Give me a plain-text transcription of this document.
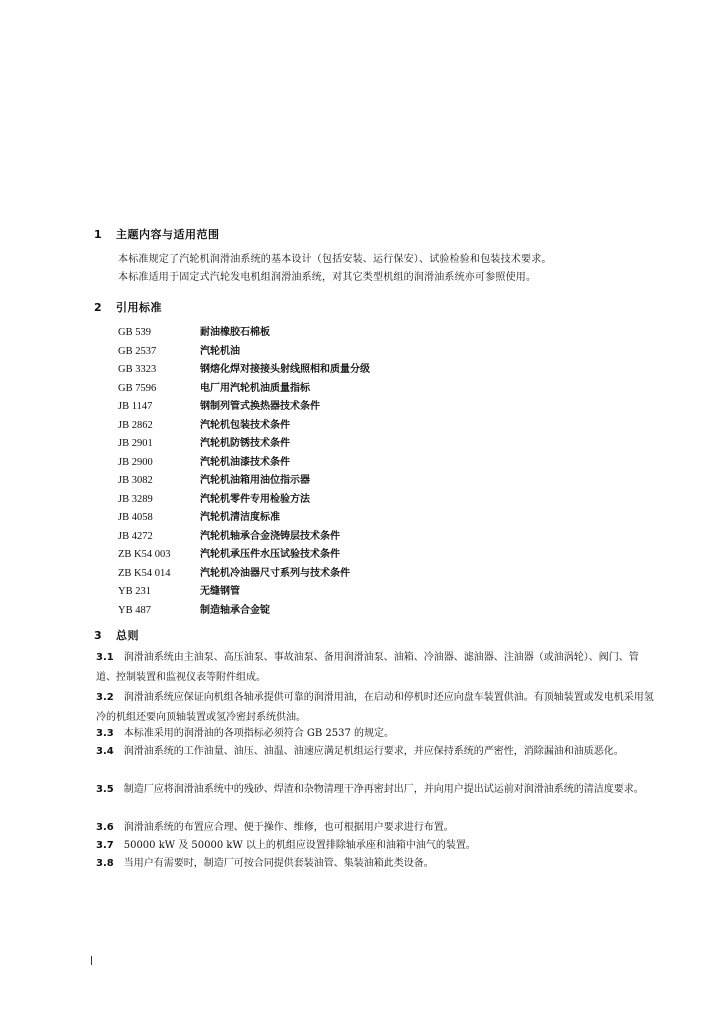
1 主题内容与适用范围
本标准规定了汽轮机润滑油系统的基本设计（包括安装、运行保安）、试验检验和包装技术要求。
本标准适用于固定式汽轮发电机组润滑油系统，对其它类型机组的润滑油系统亦可参照使用。
2 引用标准
GB 539	耐油橡胶石棉板
GB 2537	汽轮机油
GB 3323	钢熔化焊对接接头射线照相和质量分级
GB 7596	电厂用汽轮机油质量指标
JB 1147	钢制列管式换热器技术条件
JB 2862	汽轮机包装技术条件
JB 2901	汽轮机防锈技术条件
JB 2900	汽轮机油漆技术条件
JB 3082	汽轮机油箱用油位指示器
JB 3289	汽轮机零件专用检验方法
JB 4058	汽轮机清洁度标准
JB 4272	汽轮机轴承合金浇铸层技术条件
ZB K54 003	汽轮机承压件水压试验技术条件
ZB K54 014	汽轮机冷油器尺寸系列与技术条件
YB 231	无缝钢管
YB 487	制造轴承合金锭
3 总则
3.1 润滑油系统由主油泵、高压油泵、事故油泵、备用润滑油泵、油箱、冷油器、滤油器、注油器（或油涡轮）、阀门、管道、控制装置和监视仪表等附件组成。
3.2 润滑油系统应保证向机组各轴承提供可靠的润滑用油，在启动和停机时还应向盘车装置供油。有顶轴装置或发电机采用氢冷的机组还要向顶轴装置或氢冷密封系统供油。
3.3 本标准采用的润滑油的各项指标必须符合 GB 2537 的规定。
3.4 润滑油系统的工作油量、油压、油温、油速应满足机组运行要求，并应保持系统的严密性，消除漏油和油质恶化。
3.5 制造厂应将润滑油系统中的残砂、焊渣和杂物清理干净再密封出厂，并向用户提出试运前对润滑油系统的清洁度要求。
3.6 润滑油系统的布置应合理、便于操作、维修，也可根据用户要求进行布置。
3.7 50000 kW 及 50000 kW 以上的机组应设置排除轴承座和油箱中油气的装置。
3.8 当用户有需要时，制造厂可按合同提供套装油管、集装油箱此类设备。
